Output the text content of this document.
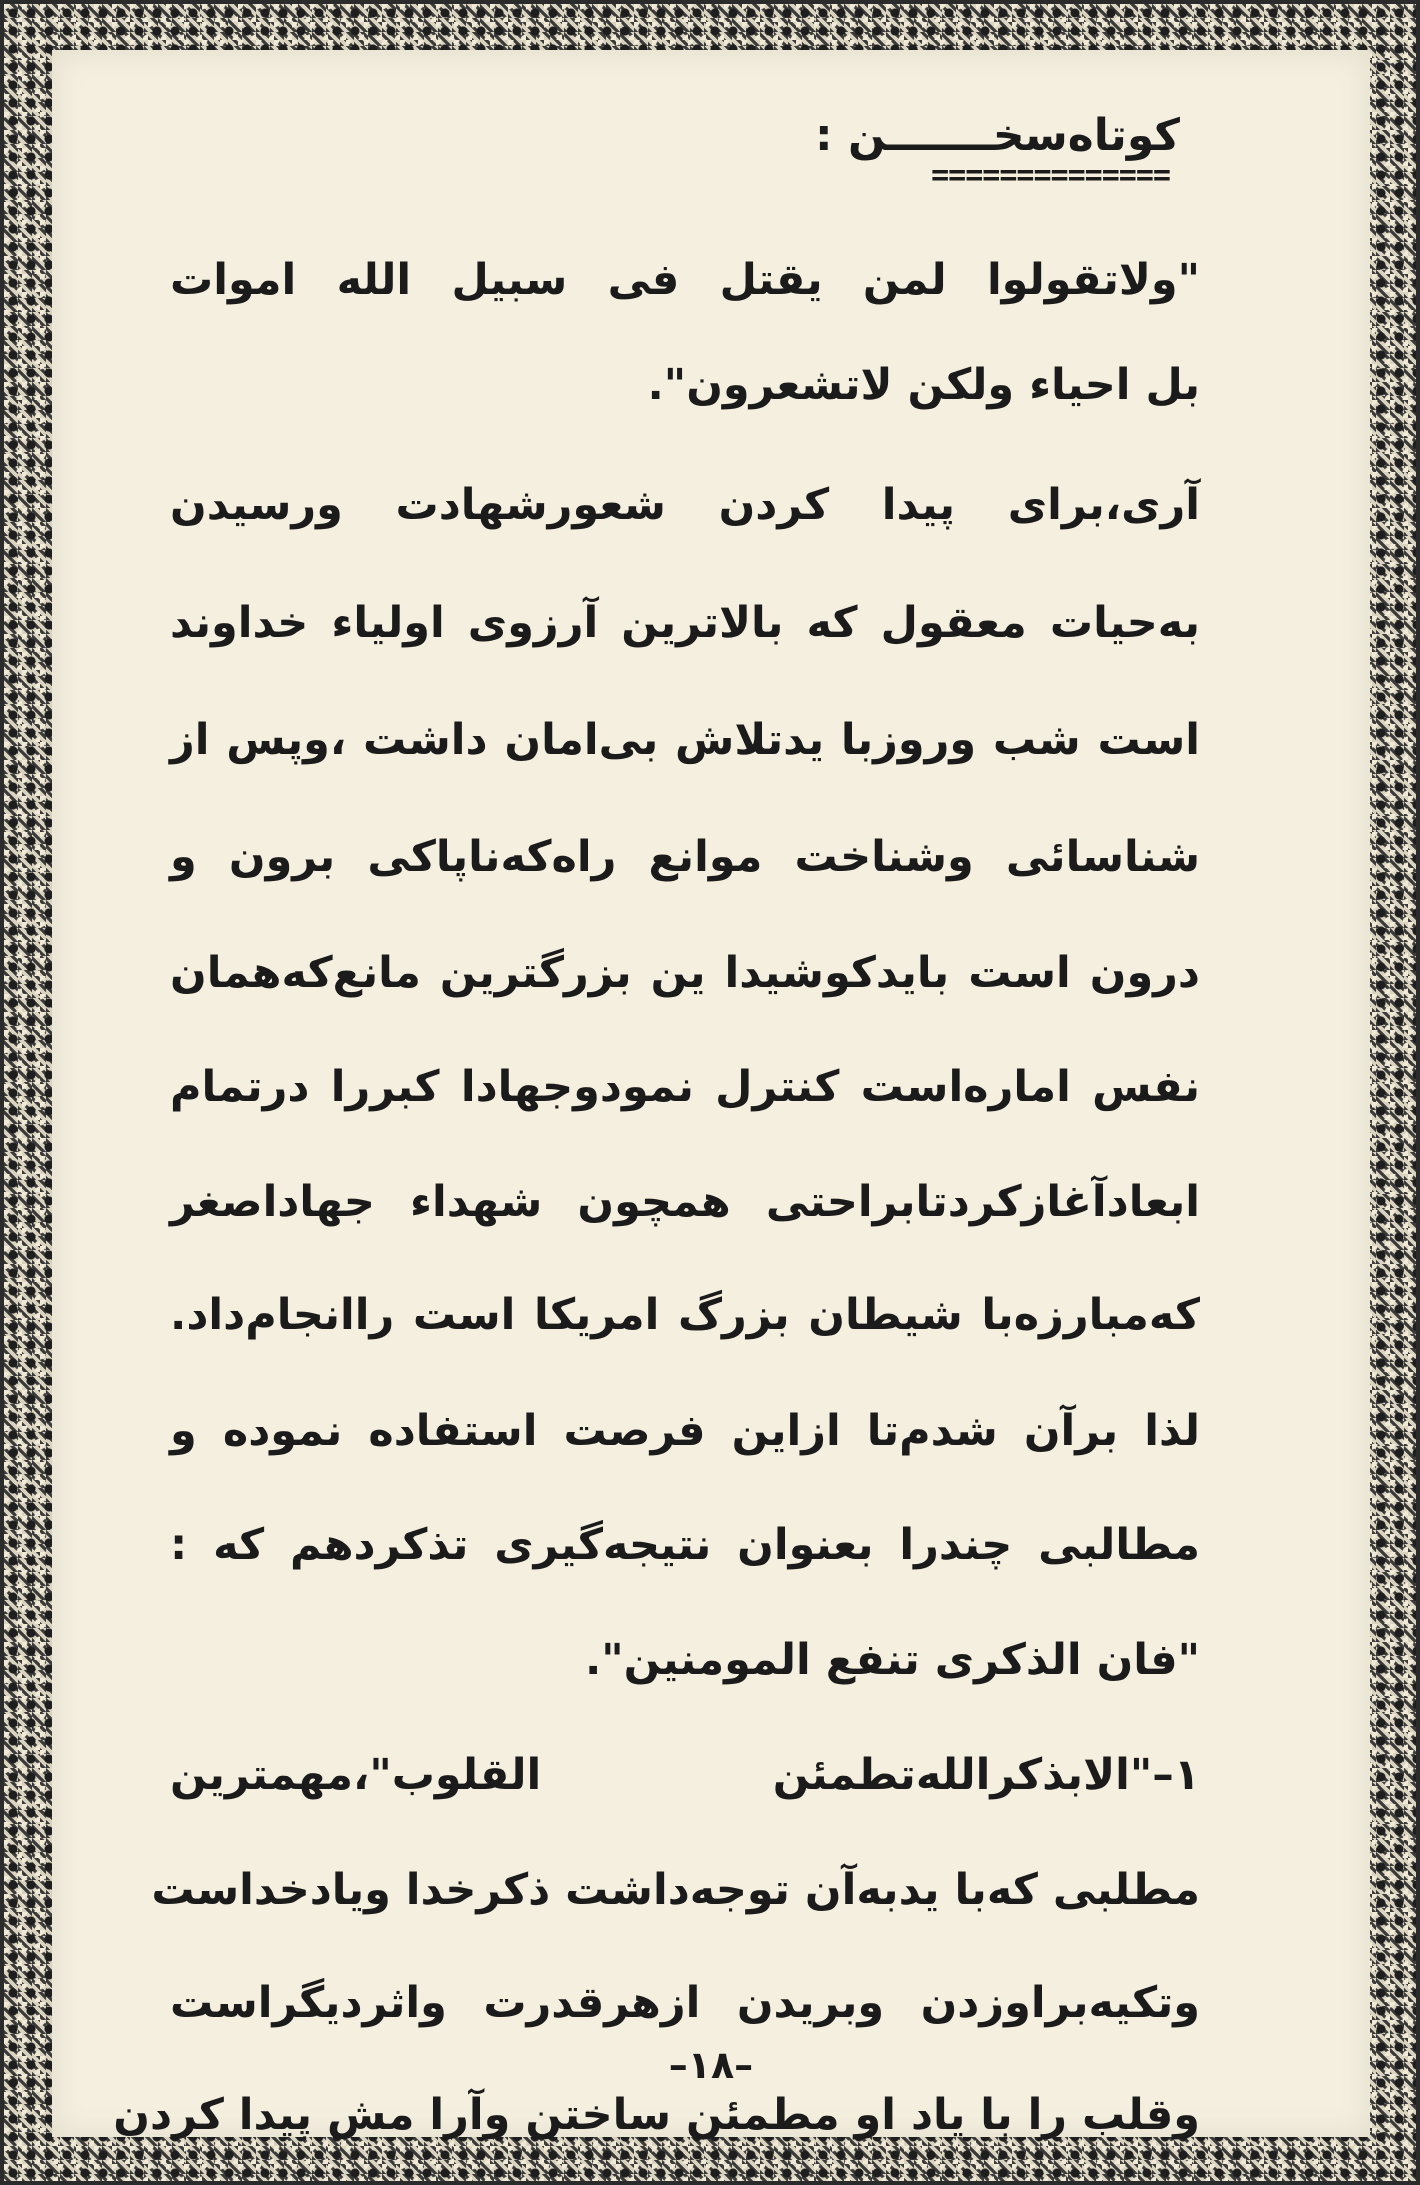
کوتاه‌سخـــــــن :
==============
"ولاتقولوا لمن یقتل فی سبیل الله اموات
بل احیاء ولکن لاتشعرون".
آری،برای پیدا کردن شعورشهادت ورسیدن
به‌حیات معقول که بالاترین آرزوی اولیاء خداوند
است شب وروزبا یدتلاش بی‌امان داشت ،وپس از
شناسائی وشناخت موانع راه‌که‌ناپاکی برون و
درون است بایدکوشیدا ین بزرگترین مانع‌که‌همان
نفس اماره‌است کنترل نمودوجهادا کبررا درتمام
ابعادآغازکردتابراحتی همچون شهداء جهاداصغر
که‌مبارزه‌با شیطان بزرگ امریکا است راانجام‌داد.
لذا برآن شدم‌تا ازاین فرصت استفاده نموده و
مطالبی چندرا بعنوان نتیجه‌گیری تذکردهم که :
"فان الذکری تنفع المومنین".
۱–"الابذکرالله‌تطمئن القلوب"،مهمترین
مطلبی که‌با یدبه‌آن توجه‌داشت ذکرخدا ویادخداست
وتکیه‌براوزدن وبریدن ازهرقدرت واثردیگراست
وقلب را با یاد او مطمئن ساختن وآرا مش پیدا کردن
–۱۸–
